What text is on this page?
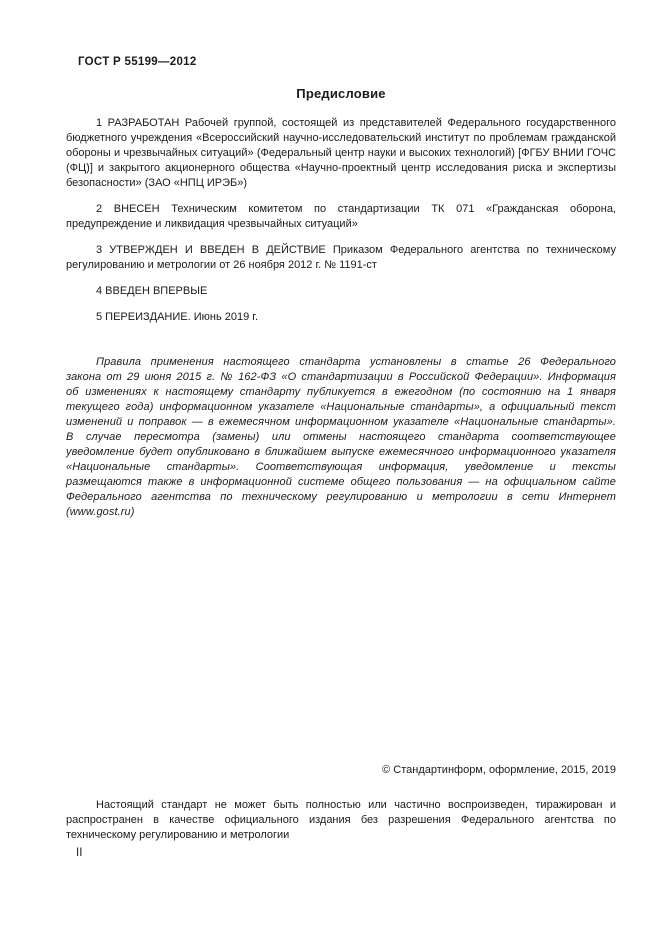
ГОСТ Р 55199—2012
Предисловие

1 РАЗРАБОТАН Рабочей группой, состоящей из представителей Федерального государственного бюджетного учреждения «Всероссийский научно-исследовательский институт по проблемам гражданской обороны и чрезвычайных ситуаций» (Федеральный центр науки и высоких технологий) [ФГБУ ВНИИ ГОЧС (ФЦ)] и закрытого акционерного общества «Научно-проектный центр исследования риска и экспертизы безопасности» (ЗАО «НПЦ ИРЭБ»)

2 ВНЕСЕН Техническим комитетом по стандартизации ТК 071 «Гражданская оборона, предупреждение и ликвидация чрезвычайных ситуаций»

3 УТВЕРЖДЕН И ВВЕДЕН В ДЕЙСТВИЕ Приказом Федерального агентства по техническому регулированию и метрологии от 26 ноября 2012 г. № 1191-ст

4 ВВЕДЕН ВПЕРВЫЕ

5 ПЕРЕИЗДАНИЕ. Июнь 2019 г.

Правила применения настоящего стандарта установлены в статье 26 Федерального закона от 29 июня 2015 г. № 162-ФЗ «О стандартизации в Российской Федерации». Информация об изменениях к настоящему стандарту публикуется в ежегодном (по состоянию на 1 января текущего года) информационном указателе «Национальные стандарты», а официальный текст изменений и поправок — в ежемесячном информационном указателе «Национальные стандарты». В случае пересмотра (замены) или отмены настоящего стандарта соответствующее уведомление будет опубликовано в ближайшем выпуске ежемесячного информационного указателя «Национальные стандарты». Соответствующая информация, уведомление и тексты размещаются также в информационной системе общего пользования — на официальном сайте Федерального агентства по техническому регулированию и метрологии в сети Интернет (www.gost.ru)

© Стандартинформ, оформление, 2015, 2019

Настоящий стандарт не может быть полностью или частично воспроизведен, тиражирован и распространен в качестве официального издания без разрешения Федерального агентства по техническому регулированию и метрологии

II
